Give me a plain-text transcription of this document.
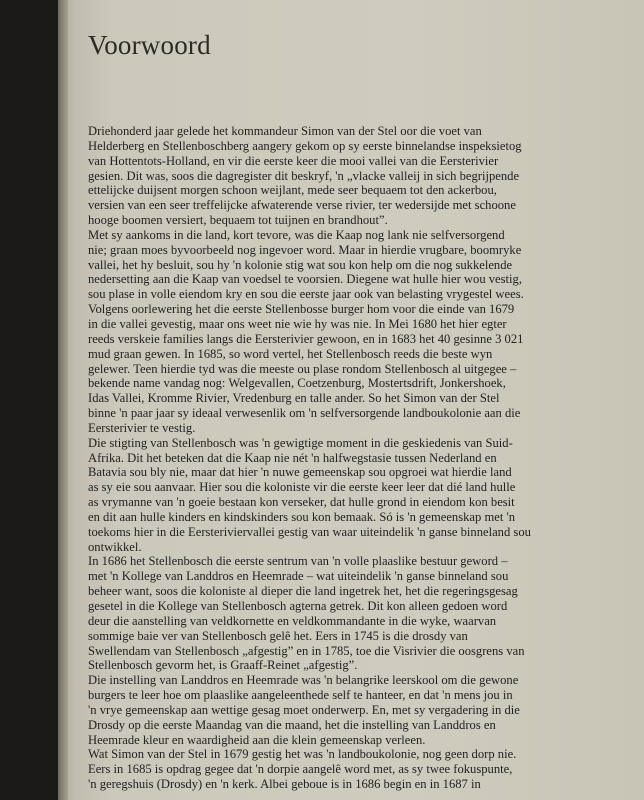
Voorwoord

Driehonderd jaar gelede het kommandeur Simon van der Stel oor die voet van
Helderberg en Stellenboschberg aangery gekom op sy eerste binnelandse inspeksietog
van Hottentots-Holland, en vir die eerste keer die mooi vallei van die Eersterivier
gesien. Dit was, soos die dagregister dit beskryf, 'n „vlacke valleij in sich begrijpende
ettelijcke duijsent morgen schoon weijlant, mede seer bequaem tot den ackerbou,
versien van een seer treffelijcke afwaterende verse rivier, ter wedersijde met schoone
hooge boomen versiert, bequaem tot tuijnen en brandhout”.
Met sy aankoms in die land, kort tevore, was die Kaap nog lank nie selfversorgend
nie; graan moes byvoorbeeld nog ingevoer word. Maar in hierdie vrugbare, boomryke
vallei, het hy besluit, sou hy 'n kolonie stig wat sou kon help om die nog sukkelende
nedersetting aan die Kaap van voedsel te voorsien. Diegene wat hulle hier wou vestig,
sou plase in volle eiendom kry en sou die eerste jaar ook van belasting vrygestel wees.
Volgens oorlewering het die eerste Stellenbosse burger hom voor die einde van 1679
in die vallei gevestig, maar ons weet nie wie hy was nie. In Mei 1680 het hier egter
reeds verskeie families langs die Eersterivier gewoon, en in 1683 het 40 gesinne 3 021
mud graan gewen. In 1685, so word vertel, het Stellenbosch reeds die beste wyn
gelewer. Teen hierdie tyd was die meeste ou plase rondom Stellenbosch al uitgegee –
bekende name vandag nog: Welgevallen, Coetzenburg, Mostertsdrift, Jonkershoek,
Idas Vallei, Kromme Rivier, Vredenburg en talle ander. So het Simon van der Stel
binne 'n paar jaar sy ideaal verwesenlik om 'n selfversorgende landboukolonie aan die
Eersterivier te vestig.

Die stigting van Stellenbosch was 'n gewigtige moment in die geskiedenis van Suid-
Afrika. Dit het beteken dat die Kaap nie nét 'n halfwegstasie tussen Nederland en
Batavia sou bly nie, maar dat hier 'n nuwe gemeenskap sou opgroei wat hierdie land
as sy eie sou aanvaar. Hier sou die koloniste vir die eerste keer leer dat dié land hulle
as vrymanne van 'n goeie bestaan kon verseker, dat hulle grond in eiendom kon besit
en dit aan hulle kinders en kindskinders sou kon bemaak. Só is 'n gemeenskap met 'n
toekoms hier in die Eersteriviervallei gestig van waar uiteindelik 'n ganse binneland sou
ontwikkel.

In 1686 het Stellenbosch die eerste sentrum van 'n volle plaaslike bestuur geword –
met 'n Kollege van Landdros en Heemrade – wat uiteindelik 'n ganse binneland sou
beheer want, soos die koloniste al dieper die land ingetrek het, het die regeringsgesag
gesetel in die Kollege van Stellenbosch agterna getrek. Dit kon alleen gedoen word
deur die aanstelling van veldkornette en veldkommandante in die wyke, waarvan
sommige baie ver van Stellenbosch gelê het. Eers in 1745 is die drosdy van
Swellendam van Stellenbosch „afgestig” en in 1785, toe die Visrivier die oosgrens van
Stellenbosch gevorm het, is Graaff-Reinet „afgestig”.

Die instelling van Landdros en Heemrade was 'n belangrike leerskool om die gewone
burgers te leer hoe om plaaslike aangeleenthede self te hanteer, en dat 'n mens jou in
'n vrye gemeenskap aan wettige gesag moet onderwerp. En, met sy vergadering in die
Drosdy op die eerste Maandag van die maand, het die instelling van Landdros en
Heemrade kleur en waardigheid aan die klein gemeenskap verleen.

Wat Simon van der Stel in 1679 gestig het was 'n landboukolonie, nog geen dorp nie.
Eers in 1685 is opdrag gegee dat 'n dorpie aangelê word met, as sy twee fokuspunte,
'n geregshuis (Drosdy) en 'n kerk. Albei geboue is in 1686 begin en in 1687 in
